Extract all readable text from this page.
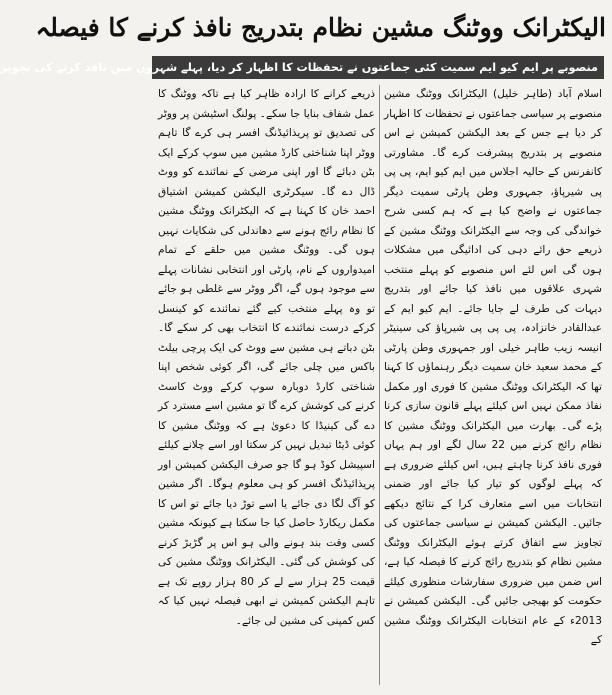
الیکٹرانک ووٹنگ مشین نظام بتدریج نافذ کرنے کا فیصلہ
منصوبے پر ایم کیو ایم سمیت کئی جماعتوں نے تحفظات کا اظہار کر دیا، پہلے شہروں میں نافذ کرنے کی تجویز

اسلام آباد (طاہر خلیل) الیکٹرانک ووٹنگ مشین منصوبے پر سیاسی جماعتوں نے تحفظات کا اظہار کر دیا ہے جس کے بعد الیکشن کمیشن نے اس منصوبے پر بتدریج پیشرفت کرے گا۔ مشاورتی کانفرنس کے حالیہ اجلاس میں ایم کیو ایم، پی پی پی شیرپاؤ، جمہوری وطن پارٹی سمیت دیگر جماعتوں نے واضح کیا ہے کہ ہم کسی شرح خواندگی کی وجہ سے الیکٹرانک ووٹنگ مشین کے ذریعے حق رائے دہی کی ادائیگی میں مشکلات ہوں گی اس لئے اس منصوبے کو پہلے منتخب شہری علاقوں میں نافذ کیا جائے اور بتدریج دیہات کی طرف لے جایا جائے۔ ایم کیو ایم کے عبدالقادر خانزادہ، پی پی پی شیرپاؤ کی سینیٹر انیسہ زیب طاہر خیلی اور جمہوری وطن پارٹی کے محمد سعید خان سمیت دیگر رہنماؤں کا کہنا تھا کہ الیکٹرانک ووٹنگ مشین کا فوری اور مکمل نفاذ ممکن نہیں اس کیلئے پہلے قانون سازی کرنا پڑے گی۔ بھارت میں الیکٹرانک ووٹنگ مشین کا نظام رائج کرنے میں 22 سال لگے اور ہم یہاں فوری نافذ کرنا چاہتے ہیں، اس کیلئے ضروری ہے کہ پہلے لوگوں کو تیار کیا جائے اور ضمنی انتخابات میں اسے متعارف کرا کے نتائج دیکھے جائیں۔ الیکشن کمیشن نے سیاسی جماعتوں کی تجاویز سے اتفاق کرتے ہوئے الیکٹرانک ووٹنگ مشین نظام کو بتدریج رائج کرنے کا فیصلہ کیا ہے، اس ضمن میں ضروری سفارشات منظوری کیلئے حکومت کو بھیجی جائیں گی۔ الیکشن کمیشن نے 2013ء کے عام انتخابات الیکٹرانک ووٹنگ مشین کے

ذریعے کرانے کا ارادہ ظاہر کیا ہے تاکہ ووٹنگ کا عمل شفاف بنایا جا سکے۔ پولنگ اسٹیشن پر ووٹر کی تصدیق تو پریذائیڈنگ افسر ہی کرے گا تاہم ووٹر اپنا شناختی کارڈ مشین میں سوپ کرکے ایک بٹن دبائے گا اور اپنی مرضی کے نمائندے کو ووٹ ڈال دے گا۔ سیکرٹری الیکشن کمیشن اشتیاق احمد خان کا کہنا ہے کہ الیکٹرانک ووٹنگ مشین کا نظام رائج ہونے سے دھاندلی کی شکایات نہیں ہوں گی۔ ووٹنگ مشین میں حلقے کے تمام امیدواروں کے نام، پارٹی اور انتخابی نشانات پہلے سے موجود ہوں گے، اگر ووٹر سے غلطی ہو جائے تو وہ پہلے منتخب کیے گئے نمائندے کو کینسل کرکے درست نمائندے کا انتخاب بھی کر سکے گا۔ بٹن دباتے ہی مشین سے ووٹ کی ایک پرچی بیلٹ باکس میں چلی جائے گی، اگر کوئی شخص اپنا شناختی کارڈ دوبارہ سوپ کرکے ووٹ کاسٹ کرنے کی کوشش کرے گا تو مشین اسے مسترد کر دے گی کینیڈا کا دعویٰ ہے کہ ووٹنگ مشین کا کوئی ڈیٹا تبدیل نہیں کر سکتا اور اسے چلانے کیلئے اسپیشل کوڈ ہو گا جو صرف الیکشن کمیشن اور پریذائیڈنگ افسر کو ہی معلوم ہوگا۔ اگر مشین کو آگ لگا دی جائے یا اسے توڑ دیا جائے تو اس کا مکمل ریکارڈ حاصل کیا جا سکتا ہے کیونکہ مشین کسی وقت بند ہونے والی ہو اس پر گڑبڑ کرنے کی کوشش کی گئی۔ الیکٹرانک ووٹنگ مشین کی قیمت 25 ہزار سے لے کر 80 ہزار روپے تک ہے تاہم الیکشن کمیشن نے ابھی فیصلہ نہیں کیا کہ کس کمپنی کی مشین لی جائے۔
